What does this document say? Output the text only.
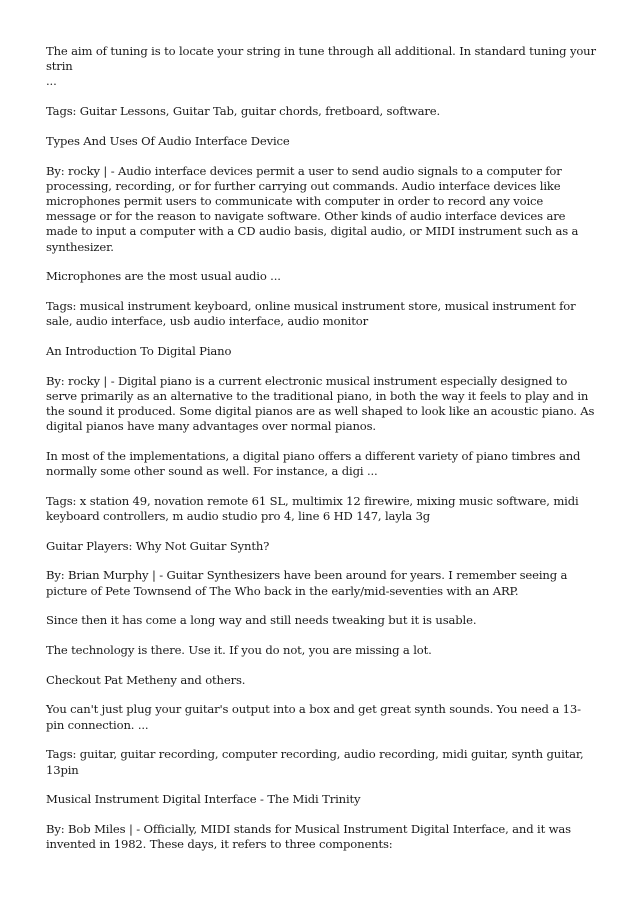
The aim of tuning is to locate your string in tune through all additional. In standard tuning your strin
...

Tags: Guitar Lessons, Guitar Tab, guitar chords, fretboard, software.

Types And Uses Of Audio Interface Device

By: rocky | - Audio interface devices permit a user to send audio signals to a computer for processing, recording, or for further carrying out commands. Audio interface devices like microphones permit users to communicate with computer in order to record any voice message or for the reason to navigate software. Other kinds of audio interface devices are made to input a computer with a CD audio basis, digital audio, or MIDI instrument such as a synthesizer.

Microphones are the most usual audio ...

Tags: musical instrument keyboard, online musical instrument store, musical instrument for sale, audio interface, usb audio interface, audio monitor

An Introduction To Digital Piano

By: rocky | - Digital piano is a current electronic musical instrument especially designed to serve primarily as an alternative to the traditional piano, in both the way it feels to play and in the sound it produced. Some digital pianos are as well shaped to look like an acoustic piano. As digital pianos have many advantages over normal pianos.

In most of the implementations, a digital piano offers a different variety of piano timbres and normally some other sound as well. For instance, a digi ...

Tags: x station 49, novation remote 61 SL, multimix 12 firewire, mixing music software, midi keyboard controllers, m audio studio pro 4, line 6 HD 147, layla 3g

Guitar Players: Why Not Guitar Synth?

By: Brian Murphy | - Guitar Synthesizers have been around for years. I remember seeing a picture of Pete Townsend of The Who back in the early/mid-seventies with an ARP.

Since then it has come a long way and still needs tweaking but it is usable.

The technology is there. Use it. If you do not, you are missing a lot.

Checkout Pat Metheny and others.

You can't just plug your guitar's output into a box and get great synth sounds. You need a 13-pin connection. ...

Tags: guitar, guitar recording, computer recording, audio recording, midi guitar, synth guitar, 13pin

Musical Instrument Digital Interface - The Midi Trinity

By: Bob Miles | - Officially, MIDI stands for Musical Instrument Digital Interface, and it was invented in 1982. These days, it refers to three components:
